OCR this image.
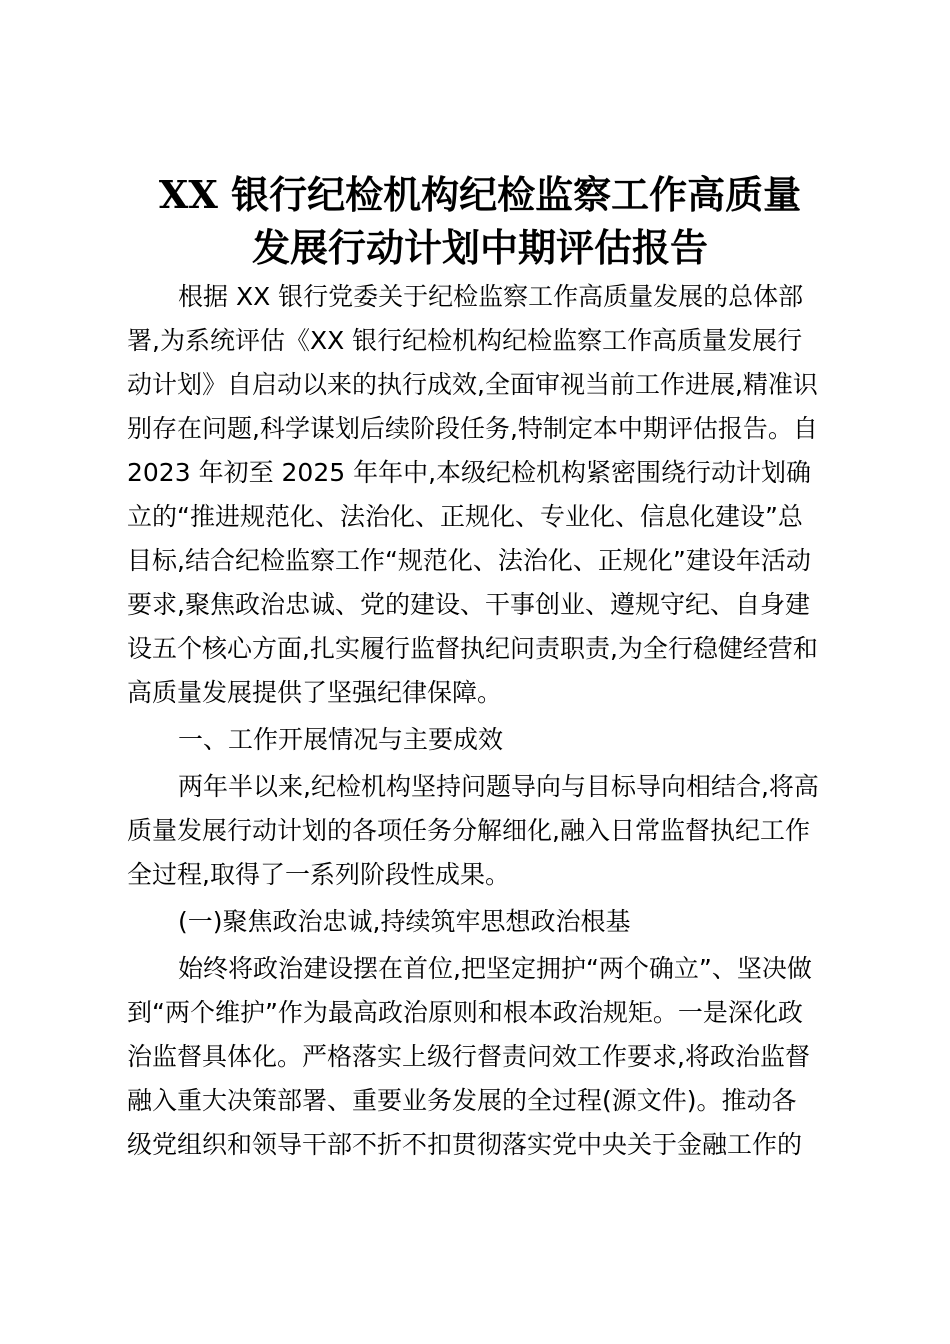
XX 银行纪检机构纪检监察工作高质量
发展行动计划中期评估报告

根据 XX 银行党委关于纪检监察工作高质量发展的总体部

署,为系统评估《XX 银行纪检机构纪检监察工作高质量发展行

动计划》自启动以来的执行成效,全面审视当前工作进展,精准识

别存在问题,科学谋划后续阶段任务,特制定本中期评估报告。自

2023 年初至 2025 年年中,本级纪检机构紧密围绕行动计划确

立的“推进规范化、法治化、正规化、专业化、信息化建设”总

目标,结合纪检监察工作“规范化、法治化、正规化”建设年活动

要求,聚焦政治忠诚、党的建设、干事创业、遵规守纪、自身建

设五个核心方面,扎实履行监督执纪问责职责,为全行稳健经营和

高质量发展提供了坚强纪律保障。

一、工作开展情况与主要成效

两年半以来,纪检机构坚持问题导向与目标导向相结合,将高

质量发展行动计划的各项任务分解细化,融入日常监督执纪工作

全过程,取得了一系列阶段性成果。

(一)聚焦政治忠诚,持续筑牢思想政治根基

始终将政治建设摆在首位,把坚定拥护“两个确立”、坚决做

到“两个维护”作为最高政治原则和根本政治规矩。一是深化政

治监督具体化。严格落实上级行督责问效工作要求,将政治监督

融入重大决策部署、重要业务发展的全过程(源文件)。推动各

级党组织和领导干部不折不扣贯彻落实党中央关于金融工作的
